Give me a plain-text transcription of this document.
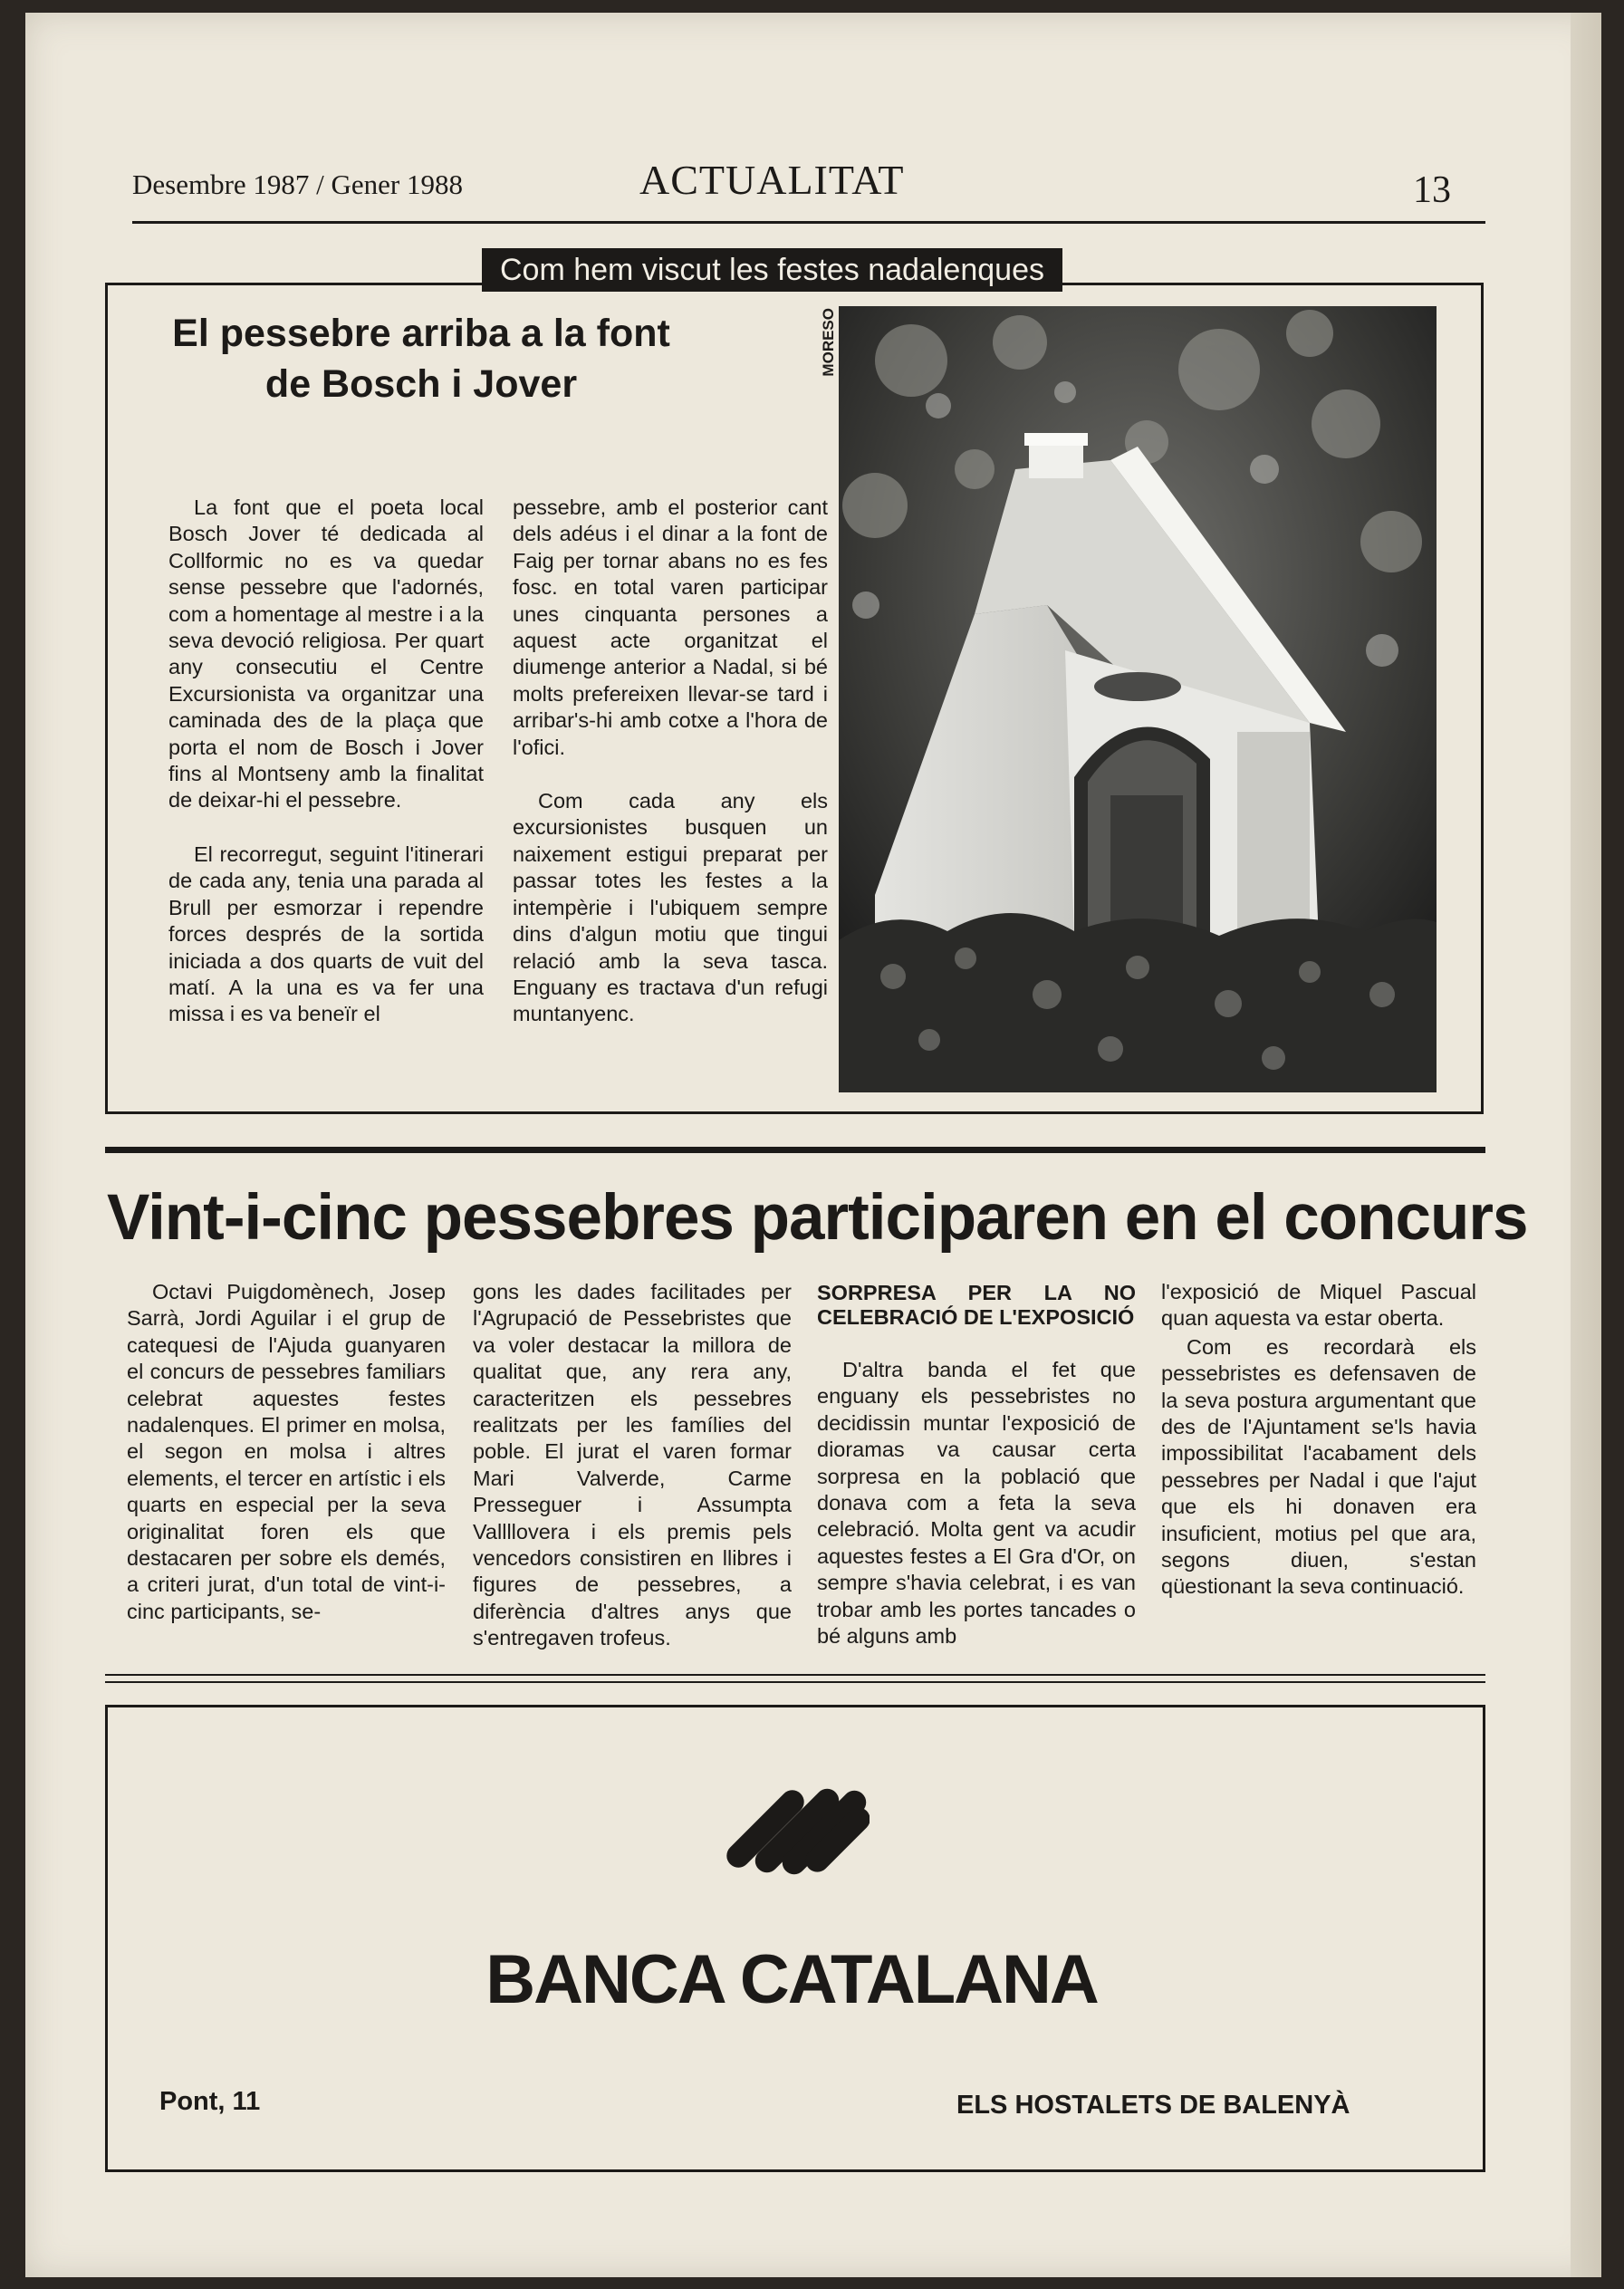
Desembre 1987 / Gener 1988	ACTUALITAT	13
Com hem viscut les festes nadalenques
El pessebre arriba a la font
de Bosch i Jover

La font que el poeta local Bosch Jover té dedicada al Collformic no es va quedar sense pessebre que l'adornés, com a homentage al mestre i a la seva devoció religiosa. Per quart any consecutiu el Centre Excursionista va organitzar una caminada des de la plaça que porta el nom de Bosch i Jover fins al Montseny amb la finalitat de deixar-hi el pessebre.

El recorregut, seguint l'itinerari de cada any, tenia una parada al Brull per esmorzar i rependre forces després de la sortida iniciada a dos quarts de vuit del matí. A la una es va fer una missa i es va beneïr el

pessebre, amb el posterior cant dels adéus i el dinar a la font de Faig per tornar abans no es fes fosc. en total varen participar unes cinquanta persones a aquest acte organitzat el diumenge anterior a Nadal, si bé molts prefereixen llevar-se tard i arribar's-hi amb cotxe a l'hora de l'ofici.

Com cada any els excursionistes busquen un naixement estigui preparat per passar totes les festes a la intempèrie i l'ubiquem sempre dins d'algun motiu que tingui relació amb la seva tasca. Enguany es tractava d'un refugi muntanyenc.

MORESO
Vint-i-cinc pessebres participaren en el concurs

Octavi Puigdomènech, Josep Sarrà, Jordi Aguilar i el grup de catequesi de l'Ajuda guanyaren el concurs de pessebres familiars celebrat aquestes festes nadalenques. El primer en molsa, el segon en molsa i altres elements, el tercer en artístic i els quarts en especial per la seva originalitat foren els que destacaren per sobre els demés, a criteri jurat, d'un total de vint-i-cinc participants, se-

gons les dades facilitades per l'Agrupació de Pessebristes que va voler destacar la millora de qualitat que, any rera any, caracteritzen els pessebres realitzats per les famílies del poble. El jurat el varen formar Mari Valverde, Carme Presseguer i Assumpta Vallllovera i els premis pels vencedors consistiren en llibres i figures de pessebres, a diferència d'altres anys que s'entregaven trofeus.

SORPRESA PER LA NO CELEBRACIÓ DE L'EXPOSICIÓ

D'altra banda el fet que enguany els pessebristes no decidissin muntar l'exposició de dioramas va causar certa sorpresa en la població que donava com a feta la seva celebració. Molta gent va acudir aquestes festes a El Gra d'Or, on sempre s'havia celebrat, i es van trobar amb les portes tancades o bé alguns amb

l'exposició de Miquel Pascual quan aquesta va estar oberta.

Com es recordarà els pessebristes es defensaven de la seva postura argumentant que des de l'Ajuntament se'ls havia impossibilitat l'acabament dels pessebres per Nadal i que l'ajut que els hi donaven era insuficient, motius pel que ara, segons diuen, s'estan qüestionant la seva continuació.

BANCA CATALANA
Pont, 11	ELS HOSTALETS DE BALENYÀ
